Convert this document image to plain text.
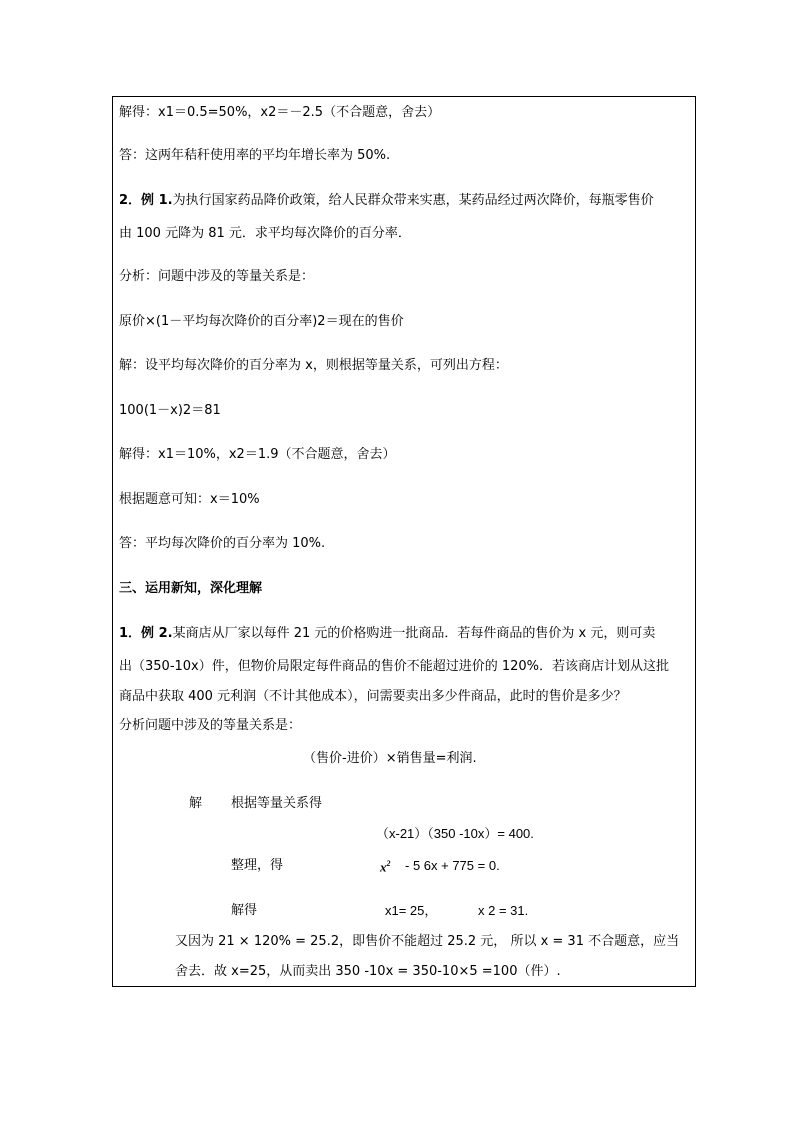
解得：x1＝0.5=50%，x2＝－2.5（不合题意，舍去）
答：这两年秸秆使用率的平均年增长率为 50%.
2．例 1.为执行国家药品降价政策，给人民群众带来实惠，某药品经过两次降价，每瓶零售价
由 100 元降为 81 元．求平均每次降价的百分率．
分析：问题中涉及的等量关系是：
原价×(1－平均每次降价的百分率)2＝现在的售价
解：设平均每次降价的百分率为 x，则根据等量关系，可列出方程：
100(1－x)2＝81
解得：x1＝10%，x2＝1.9（不合题意，舍去）
根据题意可知：x＝10%
答：平均每次降价的百分率为 10%.
三、运用新知，深化理解
1．例 2.某商店从厂家以每件 21 元的价格购进一批商品．若每件商品的售价为 x 元，则可卖
出（350-10x）件，但物价局限定每件商品的售价不能超过进价的 120%．若该商店计划从这批
商品中获取 400 元利润（不计其他成本），问需要卖出多少件商品，此时的售价是多少？
分析问题中涉及的等量关系是：
（售价-进价）×销售量=利润.
解 根据等量关系得
（x-21）（350 -10x）= 400.
整理，得	$x^2 - 5$ 6x + 775 = 0.
解得	x1= 25，	x 2 = 31.
又因为 21 × 120% = 25.2，即售价不能超过 25.2 元， 所以 x = 31 不合题意，应当
舍去．故 x=25，从而卖出 350 -10x = 350-10×5 =100（件）.
